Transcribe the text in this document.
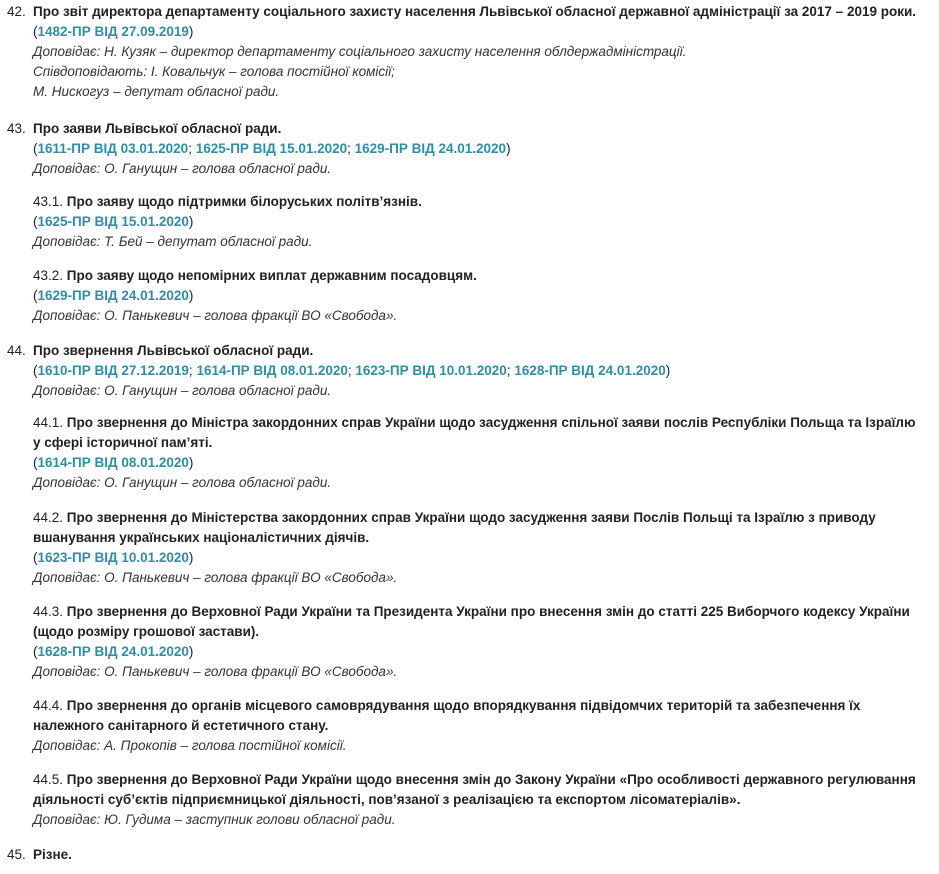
42. Про звіт директора департаменту соціального захисту населення Львівської обласної державної адміністрації за 2017 – 2019 роки.
(1482-ПР ВІД 27.09.2019)
Доповідає: Н. Кузяк – директор департаменту соціального захисту населення облдержадміністрації.
Співдоповідають: І. Ковальчук – голова постійної комісії;
М. Нискогуз – депутат обласної ради.
43. Про заяви Львівської обласної ради.
(1611-ПР ВІД 03.01.2020; 1625-ПР ВІД 15.01.2020; 1629-ПР ВІД 24.01.2020)
Доповідає: О. Ганущин – голова обласної ради.
43.1. Про заяву щодо підтримки білоруських політв’язнів.
(1625-ПР ВІД 15.01.2020)
Доповідає: Т. Бей – депутат обласної ради.
43.2. Про заяву щодо непомірних виплат державним посадовцям.
(1629-ПР ВІД 24.01.2020)
Доповідає: О. Панькевич – голова фракції ВО «Свобода».
44. Про звернення Львівської обласної ради.
(1610-ПР ВІД 27.12.2019; 1614-ПР ВІД 08.01.2020; 1623-ПР ВІД 10.01.2020; 1628-ПР ВІД 24.01.2020)
Доповідає: О. Ганущин – голова обласної ради.
44.1. Про звернення до Міністра закордонних справ України щодо засудження спільної заяви послів Республіки Польща та Ізраїлю
у сфері історичної пам’яті.
(1614-ПР ВІД 08.01.2020)
Доповідає: О. Ганущин – голова обласної ради.
44.2. Про звернення до Міністерства закордонних справ України щодо засудження заяви Послів Польщі та Ізраїлю з приводу
вшанування українських націоналістичних діячів.
(1623-ПР ВІД 10.01.2020)
Доповідає: О. Панькевич – голова фракції ВО «Свобода».
44.3. Про звернення до Верховної Ради України та Президента України про внесення змін до статті 225 Виборчого кодексу України
(щодо розміру грошової застави).
(1628-ПР ВІД 24.01.2020)
Доповідає: О. Панькевич – голова фракції ВО «Свобода».
44.4. Про звернення до органів місцевого самоврядування щодо впорядкування підвідомчих територій та забезпечення їх
належного санітарного й естетичного стану.
Доповідає: А. Прокопів – голова постійної комісії.
44.5. Про звернення до Верховної Ради України щодо внесення змін до Закону України «Про особливості державного регулювання
діяльності суб’єктів підприємницької діяльності, пов’язаної з реалізацією та експортом лісоматеріалів».
Доповідає: Ю. Гудима – заступник голови обласної ради.
45. Різне.
